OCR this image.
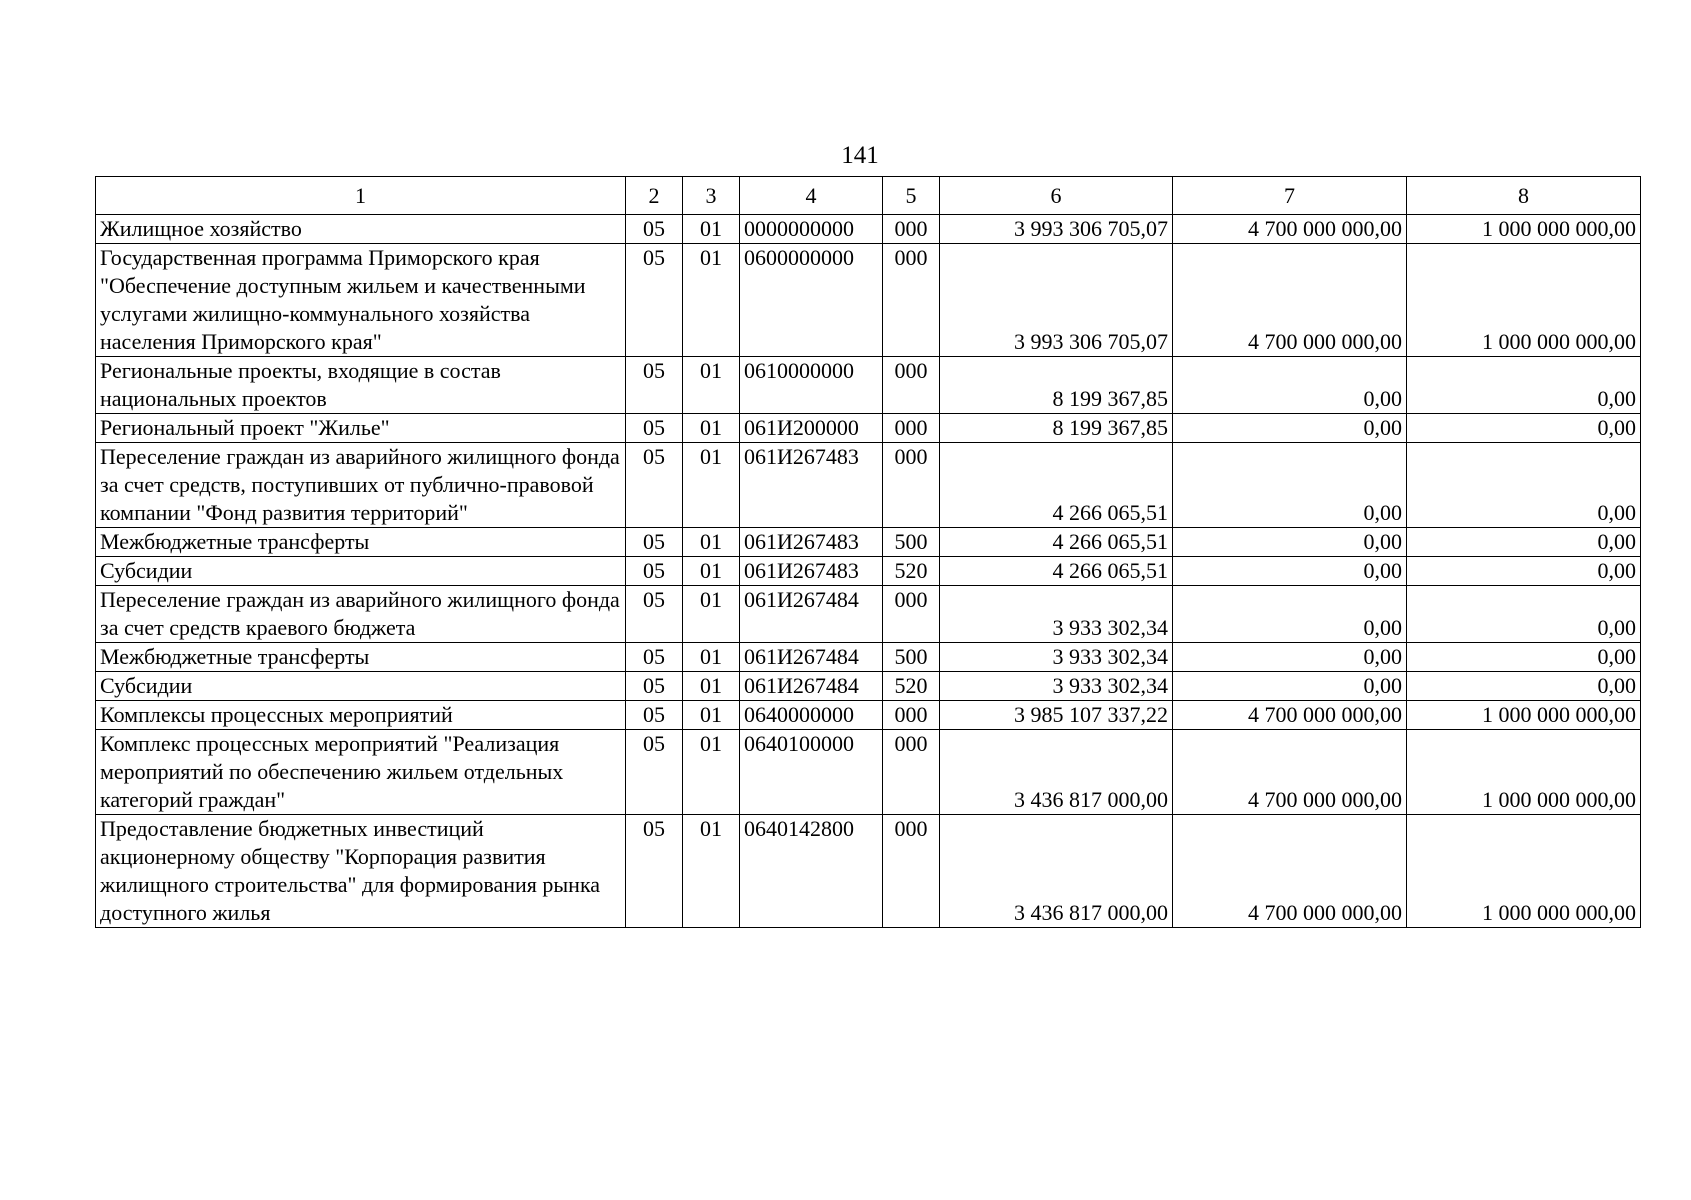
141
1	2	3	4	5	6	7	8
Жилищное хозяйство	05	01	0000000000	000	3 993 306 705,07	4 700 000 000,00	1 000 000 000,00
Государственная программа Приморского края "Обеспечение доступным жильем и качественными услугами жилищно-коммунального хозяйства населения Приморского края"	05	01	0600000000	000	3 993 306 705,07	4 700 000 000,00	1 000 000 000,00
Региональные проекты, входящие в состав национальных проектов	05	01	0610000000	000	8 199 367,85	0,00	0,00
Региональный проект "Жилье"	05	01	061И200000	000	8 199 367,85	0,00	0,00
Переселение граждан из аварийного жилищного фонда за счет средств, поступивших от публично-правовой компании "Фонд развития территорий"	05	01	061И267483	000	4 266 065,51	0,00	0,00
Межбюджетные трансферты	05	01	061И267483	500	4 266 065,51	0,00	0,00
Субсидии	05	01	061И267483	520	4 266 065,51	0,00	0,00
Переселение граждан из аварийного жилищного фонда за счет средств краевого бюджета	05	01	061И267484	000	3 933 302,34	0,00	0,00
Межбюджетные трансферты	05	01	061И267484	500	3 933 302,34	0,00	0,00
Субсидии	05	01	061И267484	520	3 933 302,34	0,00	0,00
Комплексы процессных мероприятий	05	01	0640000000	000	3 985 107 337,22	4 700 000 000,00	1 000 000 000,00
Комплекс процессных мероприятий "Реализация мероприятий по обеспечению жильем отдельных категорий граждан"	05	01	0640100000	000	3 436 817 000,00	4 700 000 000,00	1 000 000 000,00
Предоставление бюджетных инвестиций акционерному обществу "Корпорация развития жилищного строительства" для формирования рынка доступного жилья	05	01	0640142800	000	3 436 817 000,00	4 700 000 000,00	1 000 000 000,00
